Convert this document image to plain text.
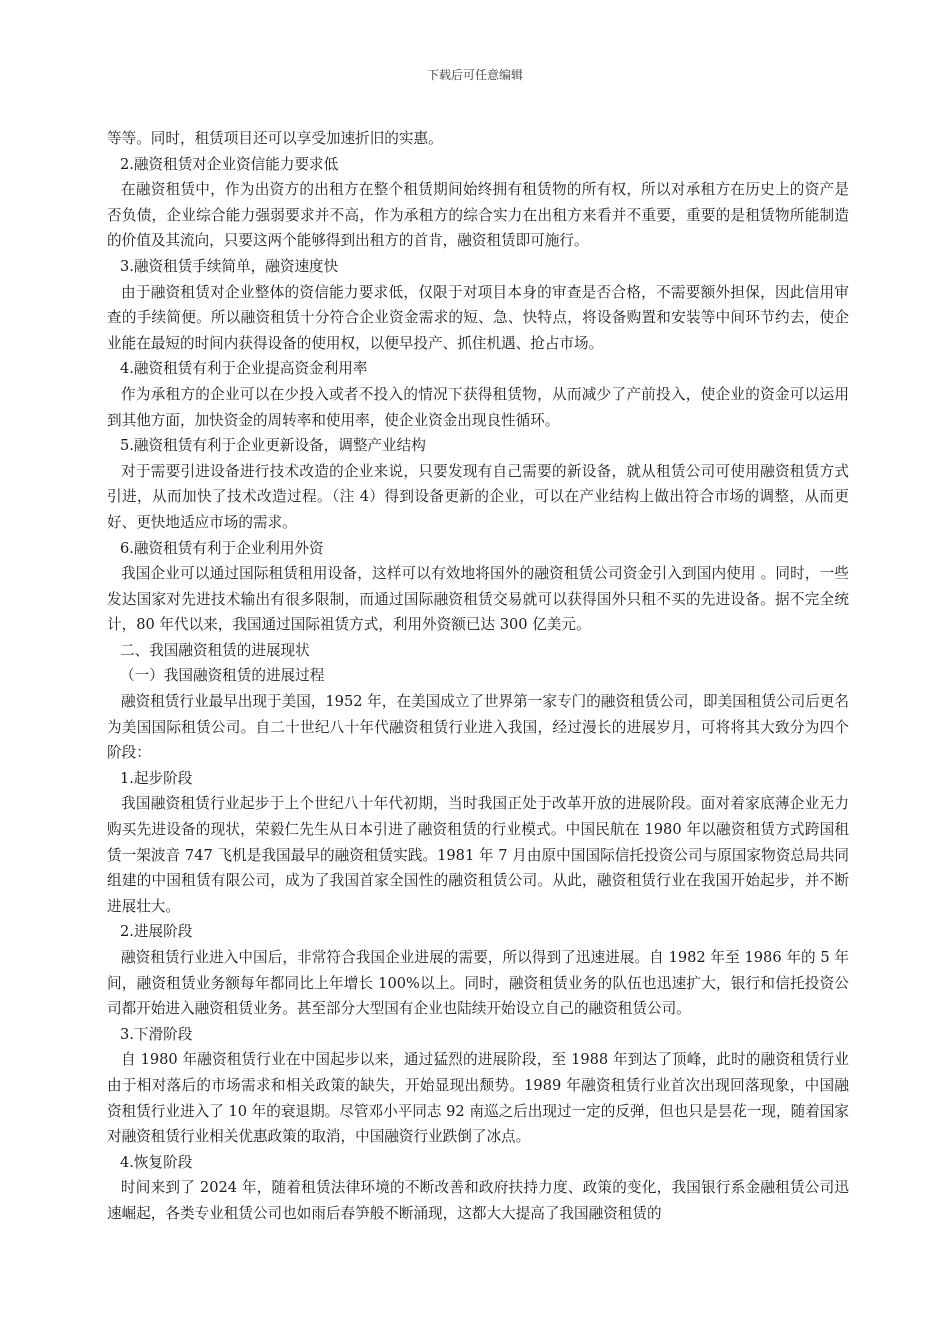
下载后可任意编辑

等等。同时，租赁项目还可以享受加速折旧的实惠。

2.融资租赁对企业资信能力要求低

在融资租赁中，作为出资方的出租方在整个租赁期间始终拥有租赁物的所有权，所以对承租方在历史上的资产是否负债，企业综合能力强弱要求并不高，作为承租方的综合实力在出租方来看并不重要，重要的是租赁物所能制造的价值及其流向，只要这两个能够得到出租方的首肯，融资租赁即可施行。

3.融资租赁手续简单，融资速度快

由于融资租赁对企业整体的资信能力要求低，仅限于对项目本身的审查是否合格，不需要额外担保，因此信用审查的手续简便。所以融资租赁十分符合企业资金需求的短、急、快特点，将设备购置和安装等中间环节约去，使企业能在最短的时间内获得设备的使用权，以便早投产、抓住机遇、抢占市场。

4.融资租赁有利于企业提高资金利用率

作为承租方的企业可以在少投入或者不投入的情况下获得租赁物，从而减少了产前投入，使企业的资金可以运用到其他方面，加快资金的周转率和使用率，使企业资金出现良性循环。

5.融资租赁有利于企业更新设备，调整产业结构

对于需要引进设备进行技术改造的企业来说，只要发现有自己需要的新设备，就从租赁公司可使用融资租赁方式引进，从而加快了技术改造过程。（注 4）得到设备更新的企业，可以在产业结构上做出符合市场的调整，从而更好、更快地适应市场的需求。

6.融资租赁有利于企业利用外资

我国企业可以通过国际租赁租用设备，这样可以有效地将国外的融资租赁公司资金引入到国内使用 。同时，一些发达国家对先进技术输出有很多限制，而通过国际融资租赁交易就可以获得国外只租不买的先进设备。据不完全统计，80 年代以来，我国通过国际祖赁方式，利用外资额已达 300 亿美元。

二、我国融资租赁的进展现状

（一）我国融资租赁的进展过程

融资租赁行业最早出现于美国，1952 年，在美国成立了世界第一家专门的融资租赁公司，即美国租赁公司后更名为美国国际租赁公司。自二十世纪八十年代融资租赁行业进入我国，经过漫长的进展岁月，可将将其大致分为四个阶段：

1.起步阶段

我国融资租赁行业起步于上个世纪八十年代初期，当时我国正处于改革开放的进展阶段。面对着家底薄企业无力购买先进设备的现状，荣毅仁先生从日本引进了融资租赁的行业模式。中国民航在 1980 年以融资租赁方式跨国租赁一架波音 747 飞机是我国最早的融资租赁实践。1981 年 7 月由原中国国际信托投资公司与原国家物资总局共同组建的中国租赁有限公司，成为了我国首家全国性的融资租赁公司。从此，融资租赁行业在我国开始起步，并不断进展壮大。

2.进展阶段

融资租赁行业进入中国后，非常符合我国企业进展的需要，所以得到了迅速进展。自 1982 年至 1986 年的 5 年间，融资租赁业务额每年都同比上年增长 100%以上。同时，融资租赁业务的队伍也迅速扩大，银行和信托投资公司都开始进入融资租赁业务。甚至部分大型国有企业也陆续开始设立自己的融资租赁公司。

3.下滑阶段

自 1980 年融资租赁行业在中国起步以来，通过猛烈的进展阶段，至 1988 年到达了顶峰，此时的融资租赁行业由于相对落后的市场需求和相关政策的缺失，开始显现出颓势。1989 年融资租赁行业首次出现回落现象，中国融资租赁行业进入了 10 年的衰退期。尽管邓小平同志 92 南巡之后出现过一定的反弹，但也只是昙花一现，随着国家对融资租赁行业相关优惠政策的取消，中国融资行业跌倒了冰点。

4.恢复阶段

时间来到了 2024 年，随着租赁法律环境的不断改善和政府扶持力度、政策的变化，我国银行系金融租赁公司迅速崛起，各类专业租赁公司也如雨后春笋般不断涌现，这都大大提高了我国融资租赁的
